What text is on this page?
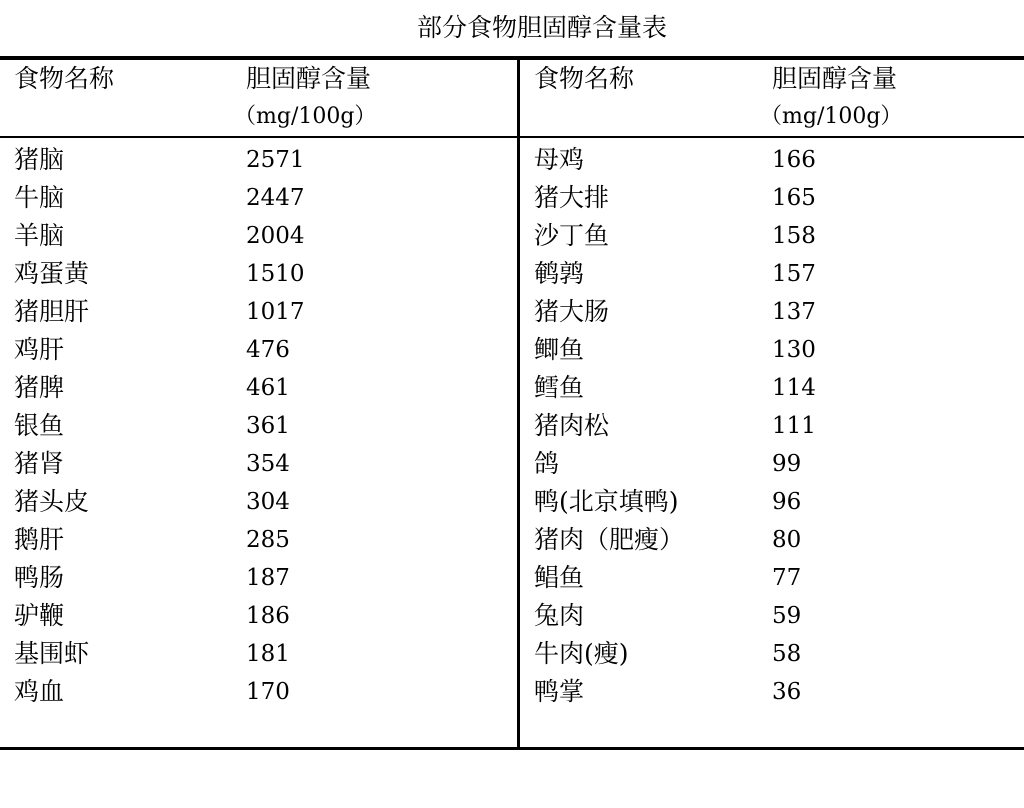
部分食物胆固醇含量表
食物名称	胆固醇含量
（mg/100g）
食物名称	胆固醇含量
（mg/100g）
猪脑
牛脑
羊脑
鸡蛋黄
猪胆肝
鸡肝
猪脾
银鱼
猪肾
猪头皮
鹅肝
鸭肠
驴鞭
基围虾
鸡血
2571
2447
2004
1510
1017
476
461
361
354
304
285
187
186
181
170
母鸡
猪大排
沙丁鱼
鹌鹑
猪大肠
鲫鱼
鳕鱼
猪肉松
鸽
鸭(北京填鸭)
猪肉（肥瘦）
鲳鱼
兔肉
牛肉(瘦)
鸭掌
166
165
158
157
137
130
114
111
99
96
80
77
59
58
36
